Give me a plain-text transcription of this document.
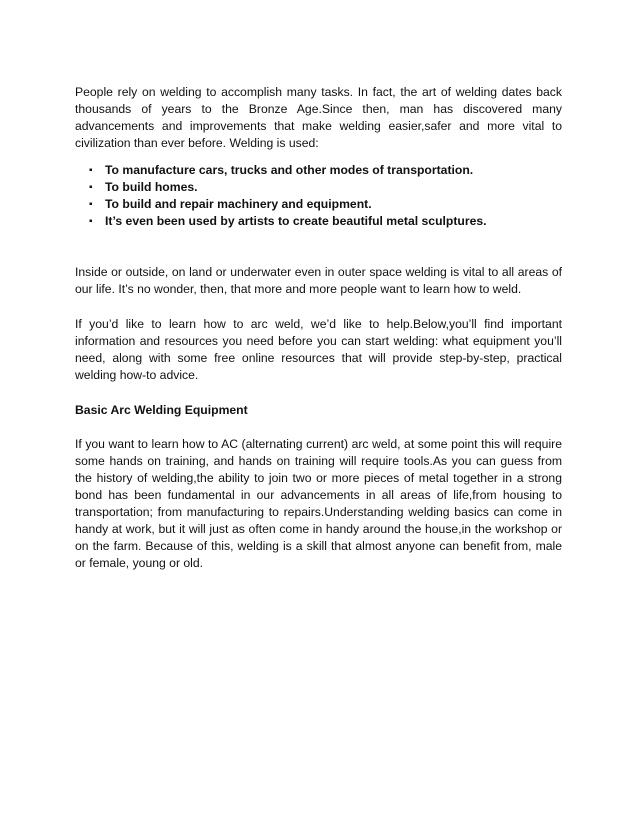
People rely on welding to accomplish many tasks. In fact, the art of welding dates back thousands of years to the Bronze Age.Since then, man has discovered many advancements and improvements that make welding easier,safer and more vital to civilization than ever before. Welding is used:

▪ To manufacture cars, trucks and other modes of transportation.
▪ To build homes.
▪ To build and repair machinery and equipment.
▪ It’s even been used by artists to create beautiful metal sculptures.

Inside or outside, on land or underwater even in outer space welding is vital to all areas of our life. It’s no wonder, then, that more and more people want to learn how to weld.

If you’d like to learn how to arc weld, we’d like to help.Below,you’ll find important information and resources you need before you can start welding: what equipment you’ll need, along with some free online resources that will provide step-by-step, practical welding how-to advice.

Basic Arc Welding Equipment

If you want to learn how to AC (alternating current) arc weld, at some point this will require some hands on training, and hands on training will require tools.As you can guess from the history of welding,the ability to join two or more pieces of metal together in a strong bond has been fundamental in our advancements in all areas of life,from housing to transportation; from manufacturing to repairs.Understanding welding basics can come in handy at work, but it will just as often come in handy around the house,in the workshop or on the farm. Because of this, welding is a skill that almost anyone can benefit from, male or female, young or old.
